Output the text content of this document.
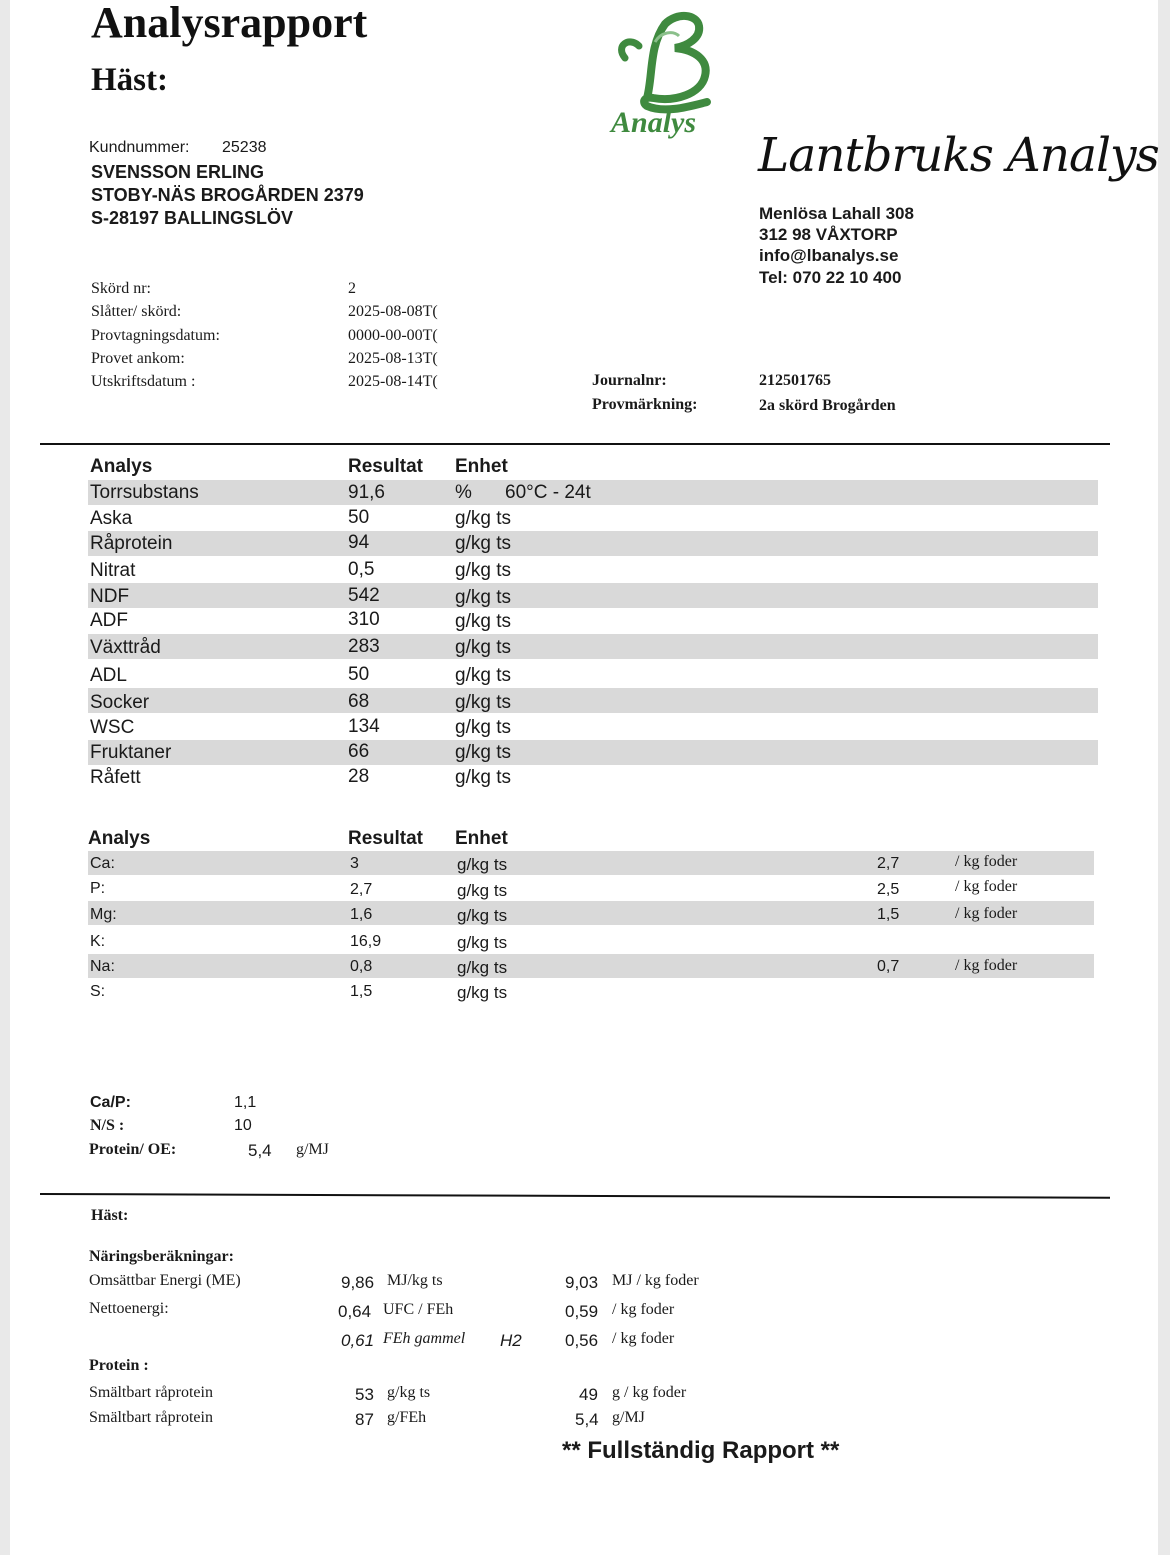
Analysrapport
Häst:
Analys
Lantbruks Analys
Kundnummer: 25238
SVENSSON ERLING
STOBY-NÄS BROGÅRDEN 2379
S-28197 BALLINGSLÖV	Menlösa Lahall 308
312 98 VÅXTORP
info@lbanalys.se
Tel: 070 22 10 400
Skörd nr:	2
Slåtter/ skörd:	2025-08-08T(
Provtagningsdatum:	0000-00-00T(
Provet ankom:	2025-08-13T(
Utskriftsdatum :	2025-08-14T(	Journalnr:	212501765
Provmärkning:	2a skörd Brogården
Analys	Resultat Enhet
Torrsubstans	91,6	% 60°C - 24t
Aska	50	g/kg ts
Råprotein	94	g/kg ts
Nitrat	0,5	g/kg ts
NDF	542	g/kg ts
ADF	310	g/kg ts
Växttråd	283	g/kg ts
ADL	50	g/kg ts
Socker	68	g/kg ts
WSC	134	g/kg ts
Fruktaner	66	g/kg ts
Råfett	28	g/kg ts
Analys	Resultat Enhet
Ca:	3	g/kg ts	2,7	/ kg foder
P:	2,7	g/kg ts	2,5	/ kg foder
Mg:	1,6	g/kg ts	1,5	/ kg foder
K:	16,9	g/kg ts
Na:	0,8	g/kg ts	0,7	/ kg foder
S:	1,5	g/kg ts
Ca/P:	1,1
N/S :	10
Protein/ OE:	5,4 g/MJ
Häst:
Näringsberäkningar:
Omsättbar Energi (ME)	9,86 MJ/kg ts	9,03 MJ / kg foder
Nettoenergi:	0,64 UFC / FEh	0,59 / kg foder
0,61 FEh gammel H2	0,56 / kg foder
Protein :
Smältbart råprotein	53 g/kg ts	49 g / kg foder
Smältbart råprotein	87 g/FEh	5,4 g/MJ
** Fullständig Rapport **
